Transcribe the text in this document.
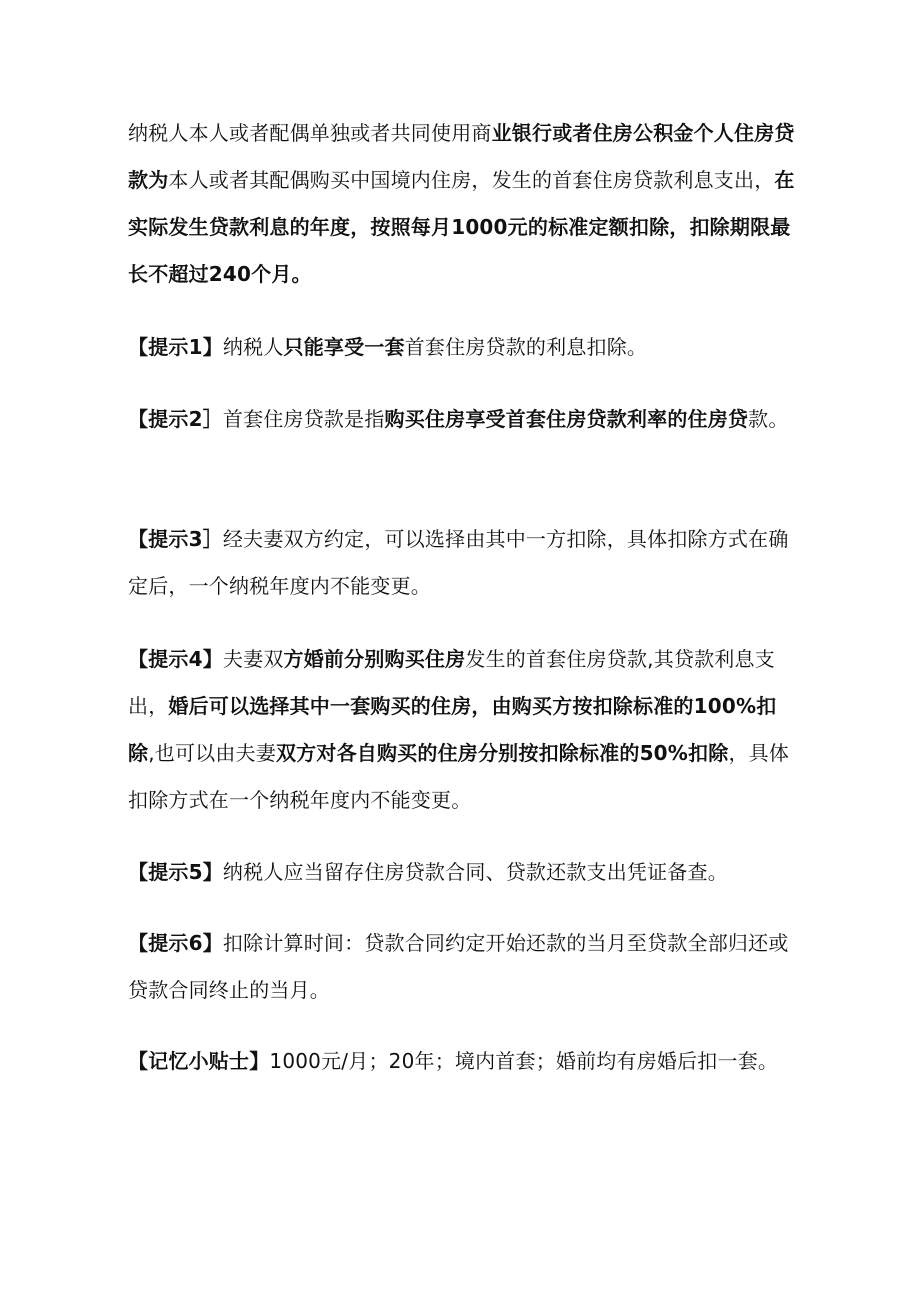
纳税人本人或者配偶单独或者共同使用商业银行或者住房公积金个人住房贷款为本人或者其配偶购买中国境内住房，发生的首套住房贷款利息支出，在实际发生贷款利息的年度，按照每月1000元的标准定额扣除，扣除期限最长不超过240个月。

【提示1】纳税人只能享受一套首套住房贷款的利息扣除。

【提示2］首套住房贷款是指购买住房享受首套住房贷款利率的住房贷款。

【提示3］经夫妻双方约定，可以选择由其中一方扣除，具体扣除方式在确定后，一个纳税年度内不能变更。

【提示4】夫妻双方婚前分别购买住房发生的首套住房贷款,其贷款利息支出，婚后可以选择其中一套购买的住房，由购买方按扣除标准的100%扣除,也可以由夫妻双方对各自购买的住房分别按扣除标准的50%扣除，具体扣除方式在一个纳税年度内不能变更。

【提示5】纳税人应当留存住房贷款合同、贷款还款支出凭证备查。

【提示6】扣除计算时间：贷款合同约定开始还款的当月至贷款全部归还或贷款合同终止的当月。

【记忆小贴士】1000元/月；20年；境内首套；婚前均有房婚后扣一套。
